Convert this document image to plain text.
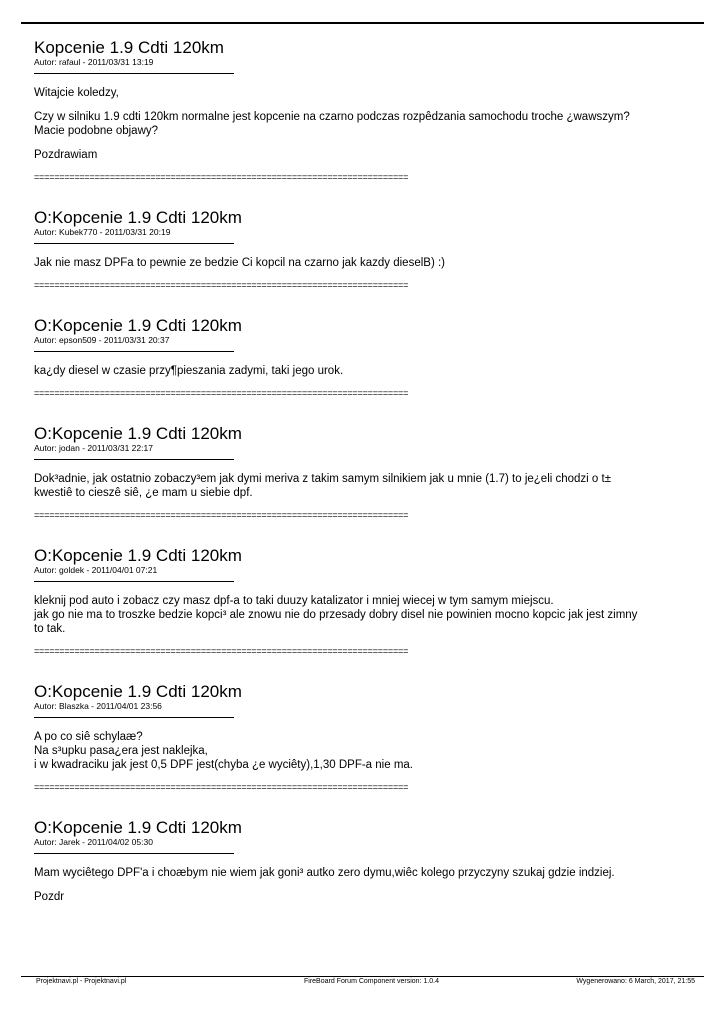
Kopcenie 1.9 Cdti 120km
Autor: rafaul - 2011/03/31 13:19

Witajcie koledzy,

Czy w silniku 1.9 cdti 120km normalne jest kopcenie na czarno podczas rozpêdzania samochodu troche ¿wawszym?
Macie podobne objawy?

Pozdrawiam

==========================================================================
O:Kopcenie 1.9 Cdti 120km
Autor: Kubek770 - 2011/03/31 20:19

Jak nie masz DPFa to pewnie ze bedzie Ci kopcil na czarno jak kazdy dieselB) :)

==========================================================================
O:Kopcenie 1.9 Cdti 120km
Autor: epson509 - 2011/03/31 20:37

ka¿dy diesel w czasie przy¶pieszania zadymi, taki jego urok.

==========================================================================
O:Kopcenie 1.9 Cdti 120km
Autor: jodan - 2011/03/31 22:17

Dok³adnie, jak ostatnio zobaczy³em jak dymi meriva z takim samym silnikiem jak u mnie (1.7) to je¿eli chodzi o t±
kwestiê to cieszê siê, ¿e mam u siebie dpf.

==========================================================================
O:Kopcenie 1.9 Cdti 120km
Autor: goldek - 2011/04/01 07:21

kleknij pod auto i zobacz czy masz dpf-a to taki duuzy katalizator i mniej wiecej w tym samym miejscu.
jak go nie ma to troszke bedzie kopci³ ale znowu nie do przesady dobry disel nie powinien mocno kopcic jak jest zimny
to tak.

==========================================================================
O:Kopcenie 1.9 Cdti 120km
Autor: Blaszka - 2011/04/01 23:56

A po co siê schylaæ?
Na s³upku pasa¿era jest naklejka,
i w kwadraciku jak jest 0,5 DPF jest(chyba ¿e wyciêty),1,30 DPF-a nie ma.

==========================================================================
O:Kopcenie 1.9 Cdti 120km
Autor: Jarek - 2011/04/02 05:30

Mam wyciêtego DPF'a i choæbym nie wiem jak goni³ autko zero dymu,wiêc kolego przyczyny szukaj gdzie indziej.

Pozdr

Projektnavi.pl - Projektnavi.pl	FireBoard Forum Component version: 1.0.4	Wygenerowano: 6 March, 2017, 21:55
